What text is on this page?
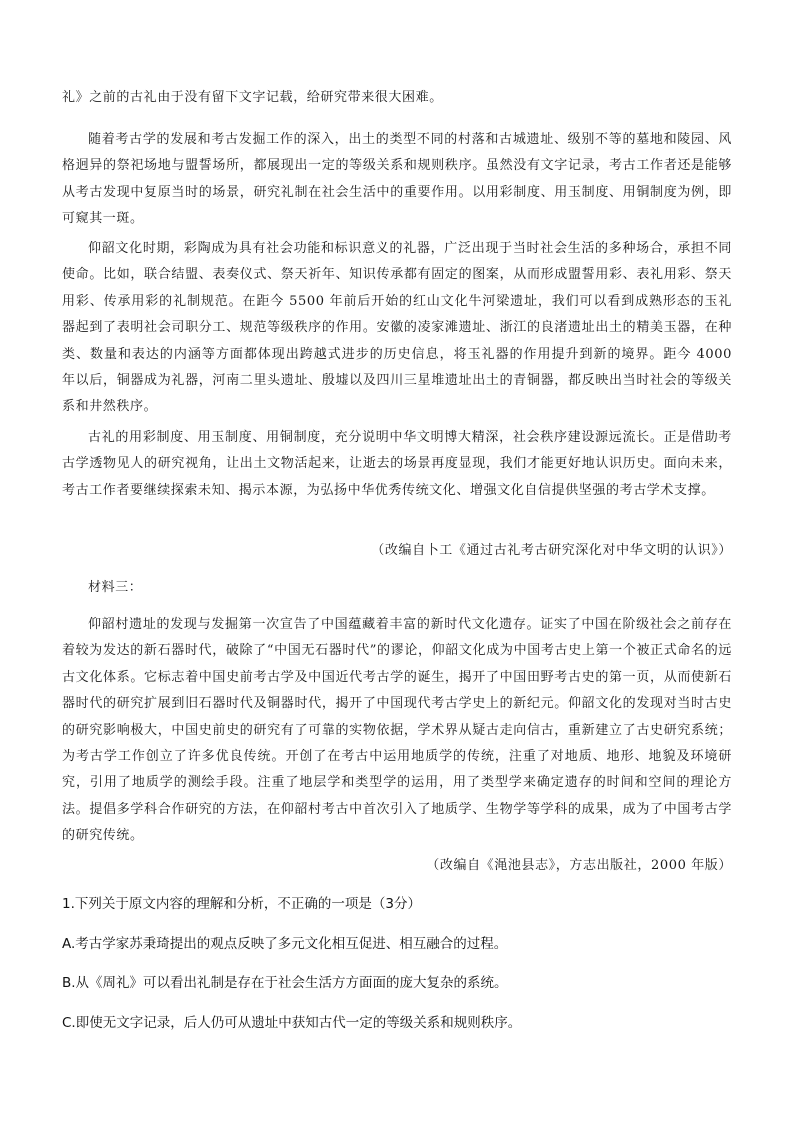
礼》之前的古礼由于没有留下文字记载，给研究带来很大困难。

随着考古学的发展和考古发掘工作的深入，出土的类型不同的村落和古城遗址、级别不等的墓地和陵园、风格迥异的祭祀场地与盟誓场所，都展现出一定的等级关系和规则秩序。虽然没有文字记录，考古工作者还是能够从考古发现中复原当时的场景，研究礼制在社会生活中的重要作用。以用彩制度、用玉制度、用铜制度为例，即可窥其一斑。

仰韶文化时期，彩陶成为具有社会功能和标识意义的礼器，广泛出现于当时社会生活的多种场合，承担不同使命。比如，联合结盟、表奏仪式、祭天祈年、知识传承都有固定的图案，从而形成盟誓用彩、表礼用彩、祭天用彩、传承用彩的礼制规范。在距今 5500 年前后开始的红山文化牛河梁遗址，我们可以看到成熟形态的玉礼器起到了表明社会司职分工、规范等级秩序的作用。安徽的凌家滩遗址、浙江的良渚遗址出土的精美玉器，在种类、数量和表达的内涵等方面都体现出跨越式进步的历史信息，将玉礼器的作用提升到新的境界。距今 4000 年以后，铜器成为礼器，河南二里头遗址、殷墟以及四川三星堆遗址出土的青铜器，都反映出当时社会的等级关系和井然秩序。

古礼的用彩制度、用玉制度、用铜制度，充分说明中华文明博大精深，社会秩序建设源远流长。正是借助考古学透物见人的研究视角，让出土文物活起来，让逝去的场景再度显现，我们才能更好地认识历史。面向未来，考古工作者要继续探索未知、揭示本源，为弘扬中华优秀传统文化、增强文化自信提供坚强的考古学术支撑。

（改编自卜工《通过古礼考古研究深化对中华文明的认识》）

材料三：

仰韶村遗址的发现与发掘第一次宣告了中国蕴藏着丰富的新时代文化遗存。证实了中国在阶级社会之前存在着较为发达的新石器时代，破除了“中国无石器时代”的谬论，仰韶文化成为中国考古史上第一个被正式命名的远古文化体系。它标志着中国史前考古学及中国近代考古学的诞生，揭开了中国田野考古史的第一页，从而使新石器时代的研究扩展到旧石器时代及铜器时代，揭开了中国现代考古学史上的新纪元。仰韶文化的发现对当时古史的研究影响极大，中国史前史的研究有了可靠的实物依据，学术界从疑古走向信古，重新建立了古史研究系统；为考古学工作创立了许多优良传统。开创了在考古中运用地质学的传统，注重了对地质、地形、地貌及环境研究，引用了地质学的测绘手段。注重了地层学和类型学的运用，用了类型学来确定遗存的时间和空间的理论方法。提倡多学科合作研究的方法，在仰韶村考古中首次引入了地质学、生物学等学科的成果，成为了中国考古学的研究传统。

（改编自《渑池县志》，方志出版社，2000 年版）

1.下列关于原文内容的理解和分析，不正确的一项是（3分）

A.考古学家苏秉琦提出的观点反映了多元文化相互促进、相互融合的过程。

B.从《周礼》可以看出礼制是存在于社会生活方方面面的庞大复杂的系统。

C.即使无文字记录，后人仍可从遗址中获知古代一定的等级关系和规则秩序。
